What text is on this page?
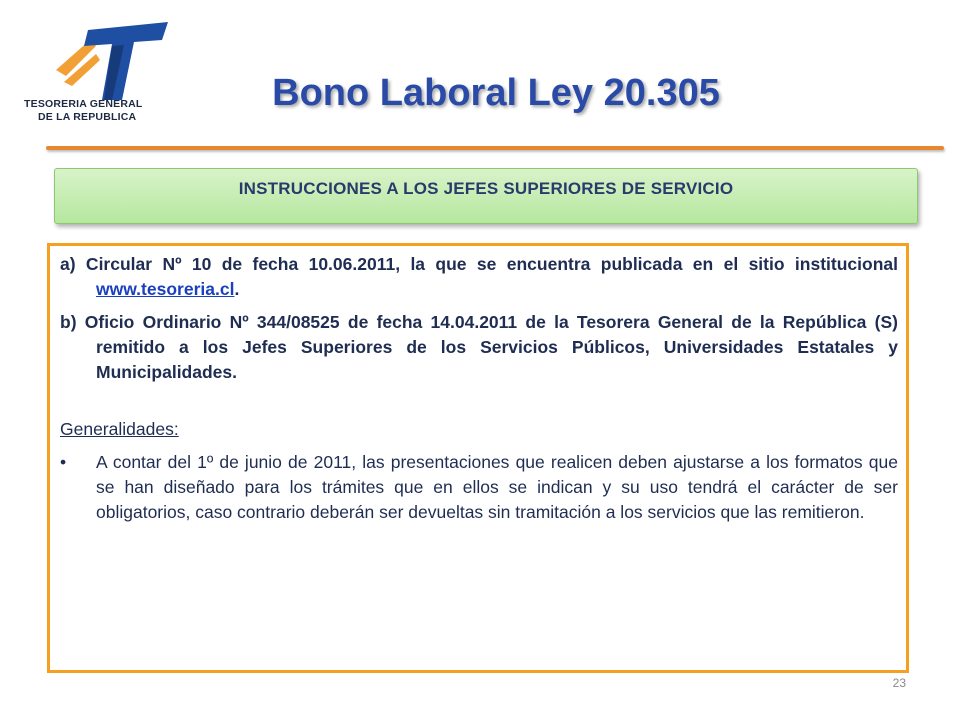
TESORERIA GENERAL
DE LA REPUBLICA
Bono Laboral Ley 20.305
INSTRUCCIONES A LOS JEFES SUPERIORES DE SERVICIO

a) Circular Nº 10 de fecha 10.06.2011, la que se encuentra publicada en el sitio institucional www.tesoreria.cl.

b) Oficio Ordinario Nº 344/08525 de fecha 14.04.2011 de la Tesorera General de la República (S) remitido a los Jefes Superiores de los Servicios Públicos, Universidades Estatales y Municipalidades.

Generalidades:
• A contar del 1º de junio de 2011, las presentaciones que realicen deben ajustarse a los formatos que se han diseñado para los trámites que en ellos se indican y su uso tendrá el carácter de ser obligatorios, caso contrario deberán ser devueltas sin tramitación a los servicios que las remitieron.
23
